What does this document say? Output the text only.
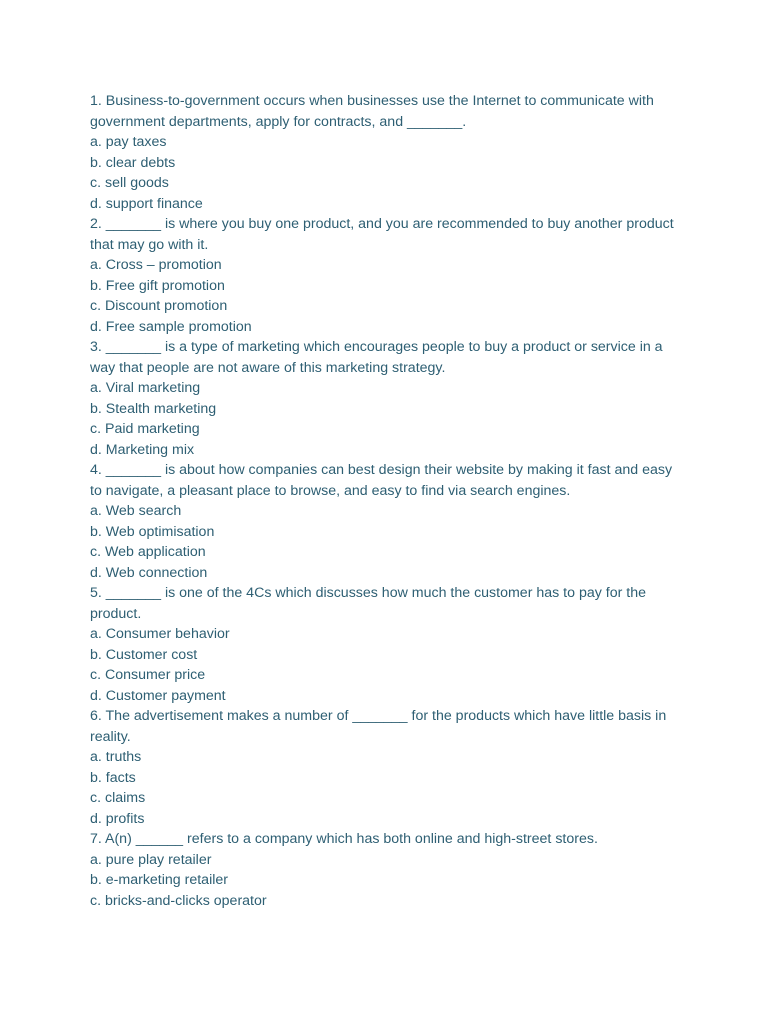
1. Business-to-government occurs when businesses use the Internet to communicate with government departments, apply for contracts, and _______.
a. pay taxes
b. clear debts
c. sell goods
d. support finance
2. _______ is where you buy one product, and you are recommended to buy another product that may go with it.
a. Cross – promotion
b. Free gift promotion
c. Discount promotion
d. Free sample promotion
3. _______ is a type of marketing which encourages people to buy a product or service in a way that people are not aware of this marketing strategy.
a. Viral marketing
b. Stealth marketing
c. Paid marketing
d. Marketing mix
4. _______ is about how companies can best design their website by making it fast and easy to navigate, a pleasant place to browse, and easy to find via search engines.
a. Web search
b. Web optimisation
c. Web application
d. Web connection
5. _______ is one of the 4Cs which discusses how much the customer has to pay for the product.
a. Consumer behavior
b. Customer cost
c. Consumer price
d. Customer payment
6. The advertisement makes a number of _______ for the products which have little basis in reality.
a. truths
b. facts
c. claims
d. profits
7. A(n) ______ refers to a company which has both online and high-street stores.
a. pure play retailer
b. e-marketing retailer
c. bricks-and-clicks operator
